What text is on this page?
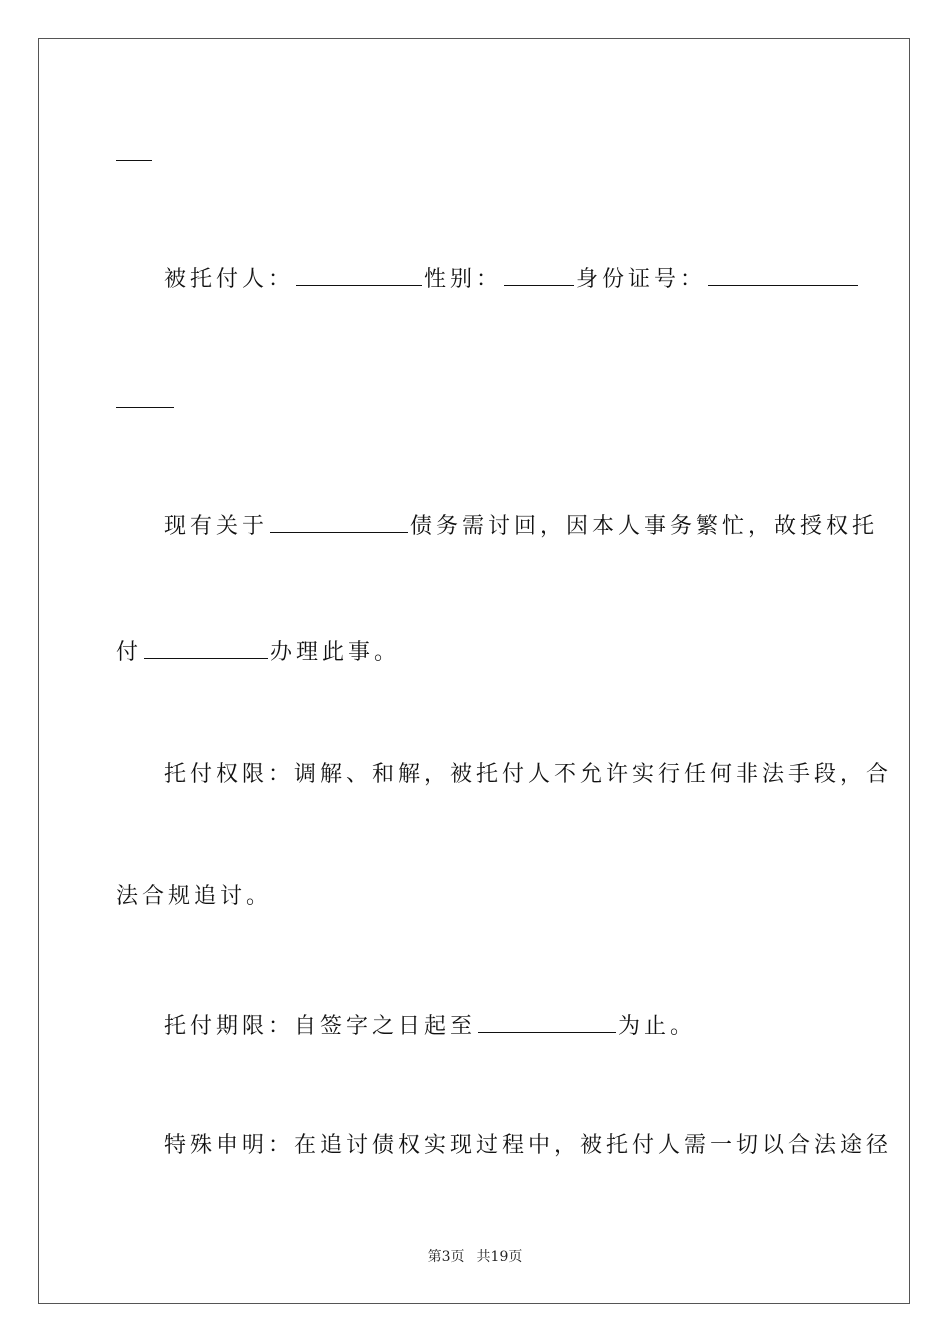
被托付人：	性别：	身份证号：
现有关于	债务需讨回，因本人事务繁忙，故授权托
付	办理此事。
托付权限：调解、和解，被托付人不允许实行任何非法手段，合
法合规追讨。
托付期限：自签字之日起至	为止。
特殊申明：在追讨债权实现过程中，被托付人需一切以合法途径
第3页 共19页
